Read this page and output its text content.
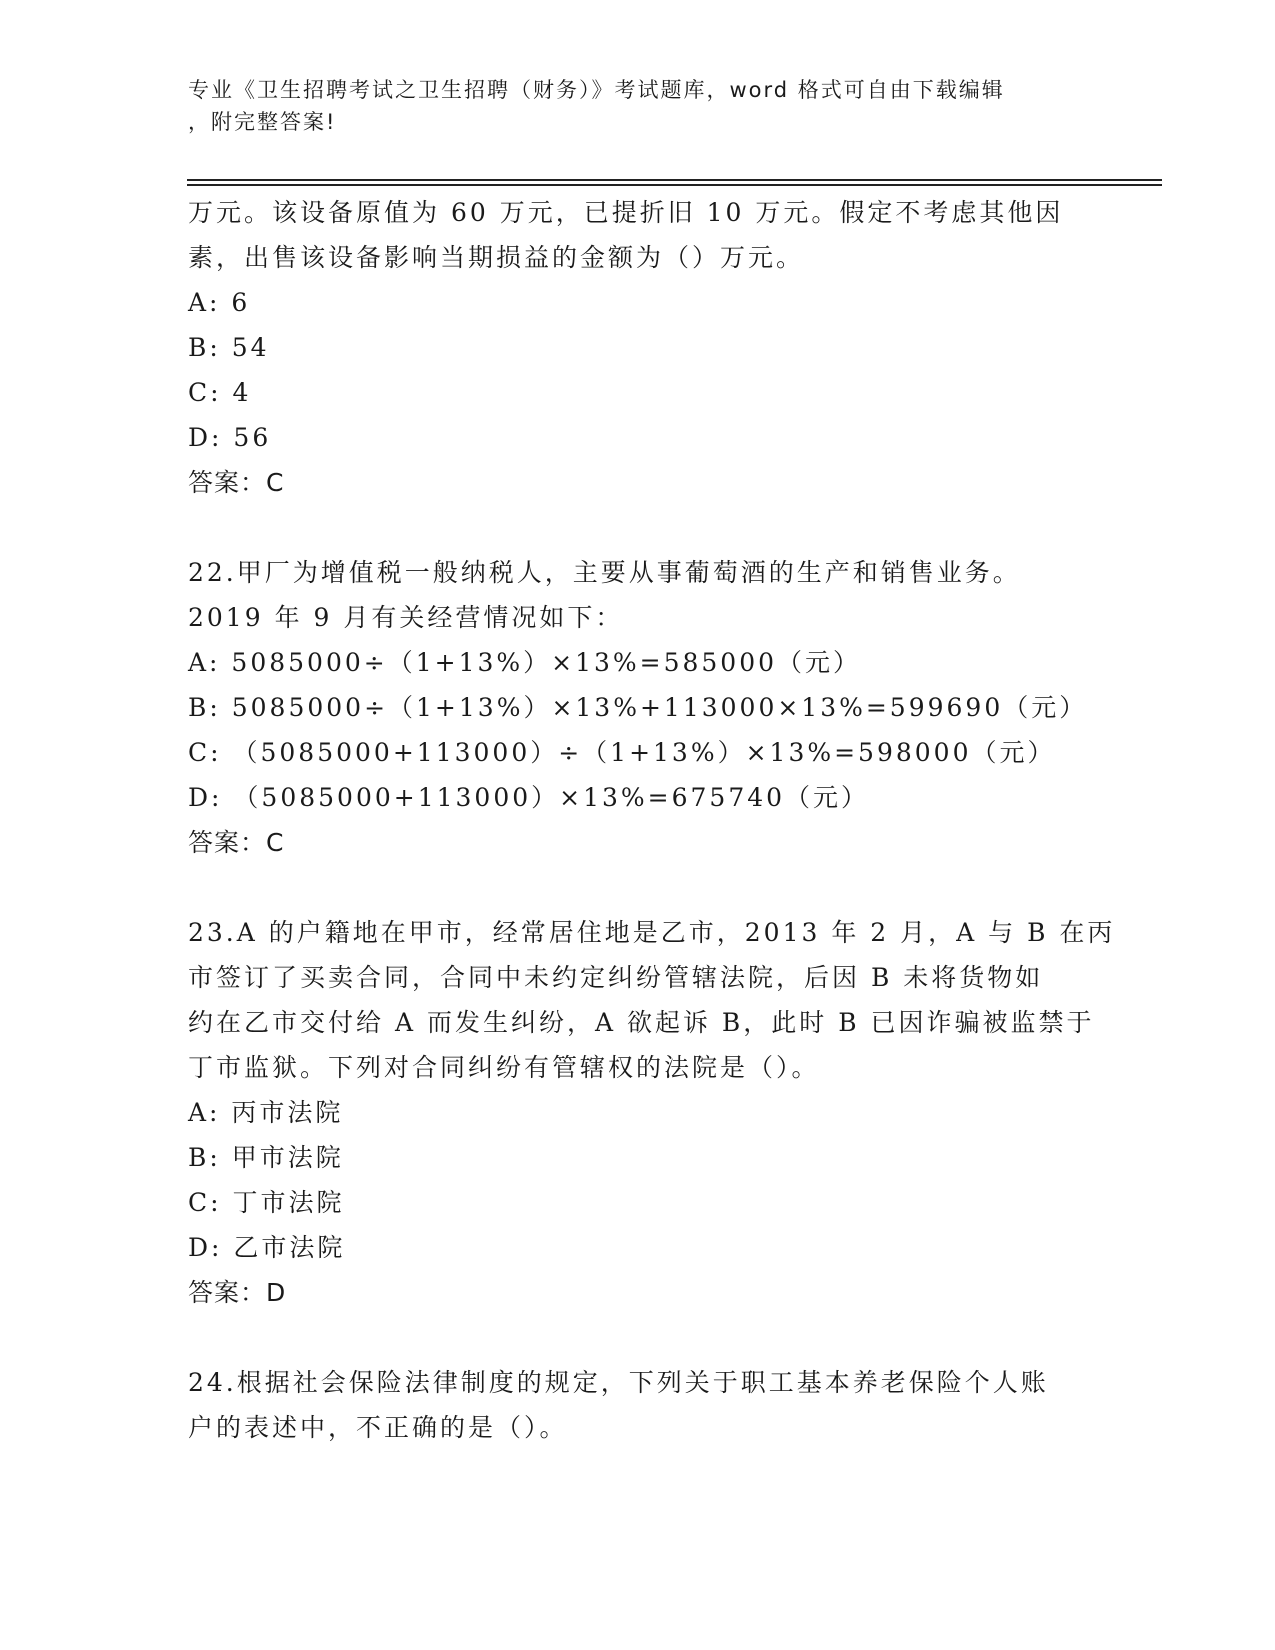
专业《卫生招聘考试之卫生招聘（财务）》考试题库，word 格式可自由下载编辑
，附完整答案!
万元。该设备原值为 60 万元，已提折旧 10 万元。假定不考虑其他因
素，出售该设备影响当期损益的金额为（）万元。
A: 6
B: 54
C: 4
D: 56
答案：C
22.甲厂为增值税一般纳税人，主要从事葡萄酒的生产和销售业务。
2019 年 9 月有关经营情况如下：
A: 5085000÷（1+13%）×13%=585000（元）
B: 5085000÷（1+13%）×13%+113000×13%=599690（元）
C: （5085000+113000）÷（1+13%）×13%=598000（元）
D: （5085000+113000）×13%=675740（元）
答案：C
23.A 的户籍地在甲市，经常居住地是乙市，2013 年 2 月，A 与 B 在丙
市签订了买卖合同，合同中未约定纠纷管辖法院，后因 B 未将货物如
约在乙市交付给 A 而发生纠纷，A 欲起诉 B，此时 B 已因诈骗被监禁于
丁市监狱。下列对合同纠纷有管辖权的法院是（）。
A: 丙市法院
B: 甲市法院
C: 丁市法院
D: 乙市法院
答案：D
24.根据社会保险法律制度的规定，下列关于职工基本养老保险个人账
户的表述中，不正确的是（）。
